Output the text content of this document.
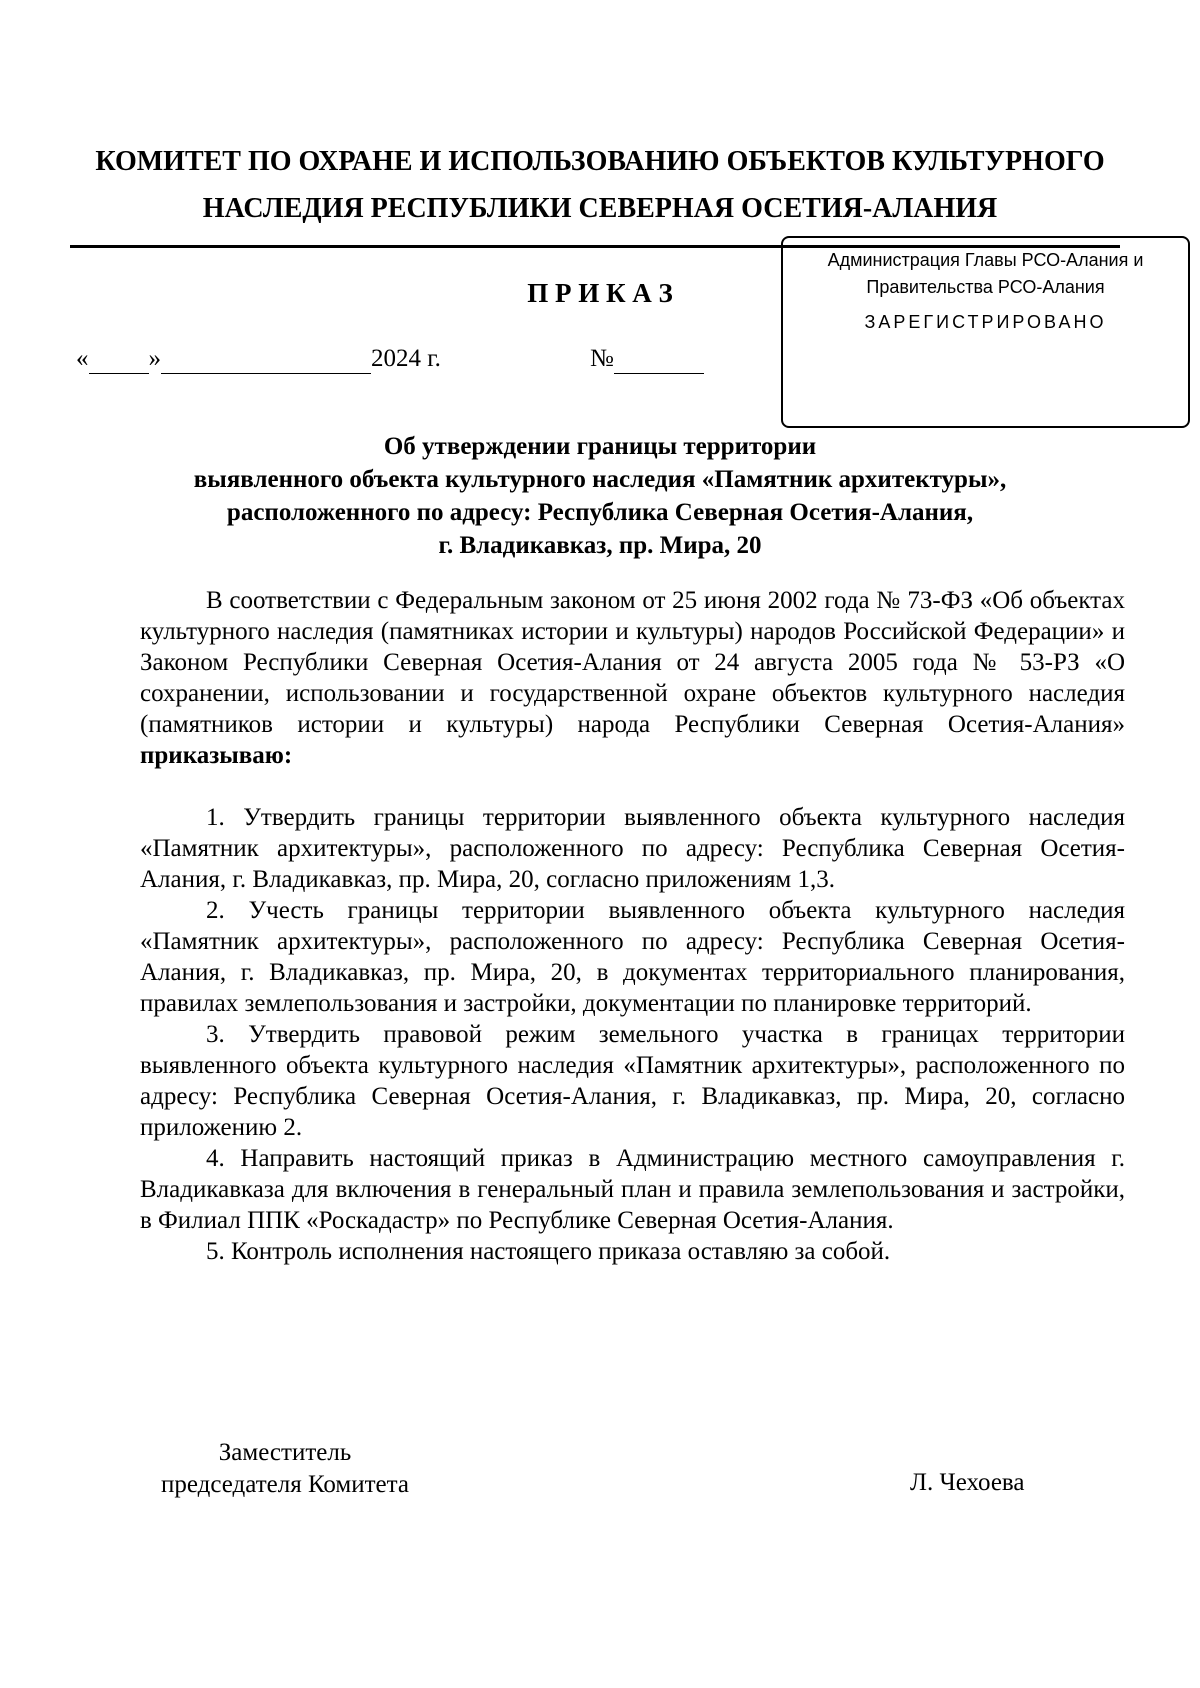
КОМИТЕТ ПО ОХРАНЕ И ИСПОЛЬЗОВАНИЮ ОБЪЕКТОВ КУЛЬТУРНОГО
НАСЛЕДИЯ РЕСПУБЛИКИ СЕВЕРНАЯ ОСЕТИЯ-АЛАНИЯ
П Р И К А З
« »	2024 г.	№
Администрация Главы РСО-Алания и
Правительства РСО-Алания
ЗАРЕГИСТРИРОВАНО
Об утверждении границы территории
выявленного объекта культурного наследия «Памятник архитектуры»,
расположенного по адресу: Республика Северная Осетия-Алания,
г. Владикавказ, пр. Мира, 20

В соответствии с Федеральным законом от 25 июня 2002 года № 73-ФЗ «Об объектах культурного наследия (памятниках истории и культуры) народов Российской Федерации» и Законом Республики Северная Осетия-Алания от 24 августа 2005 года № 53-РЗ «О сохранении, использовании и государственной охране объектов культурного наследия (памятников истории и культуры) народа Республики Северная Осетия-Алания» приказываю:

1. Утвердить границы территории выявленного объекта культурного наследия «Памятник архитектуры», расположенного по адресу: Республика Северная Осетия-Алания, г. Владикавказ, пр. Мира, 20, согласно приложениям 1,3.

2. Учесть границы территории выявленного объекта культурного наследия «Памятник архитектуры», расположенного по адресу: Республика Северная Осетия-Алания, г. Владикавказ, пр. Мира, 20, в документах территориального планирования, правилах землепользования и застройки, документации по планировке территорий.

3. Утвердить правовой режим земельного участка в границах территории выявленного объекта культурного наследия «Памятник архитектуры», расположенного по адресу: Республика Северная Осетия-Алания, г. Владикавказ, пр. Мира, 20, согласно приложению 2.

4. Направить настоящий приказ в Администрацию местного самоуправления г. Владикавказа для включения в генеральный план и правила землепользования и застройки, в Филиал ППК «Роскадастр» по Республике Северная Осетия-Алания.

5. Контроль исполнения настоящего приказа оставляю за собой.

Заместитель
председателя Комитета	Л. Чехоева
